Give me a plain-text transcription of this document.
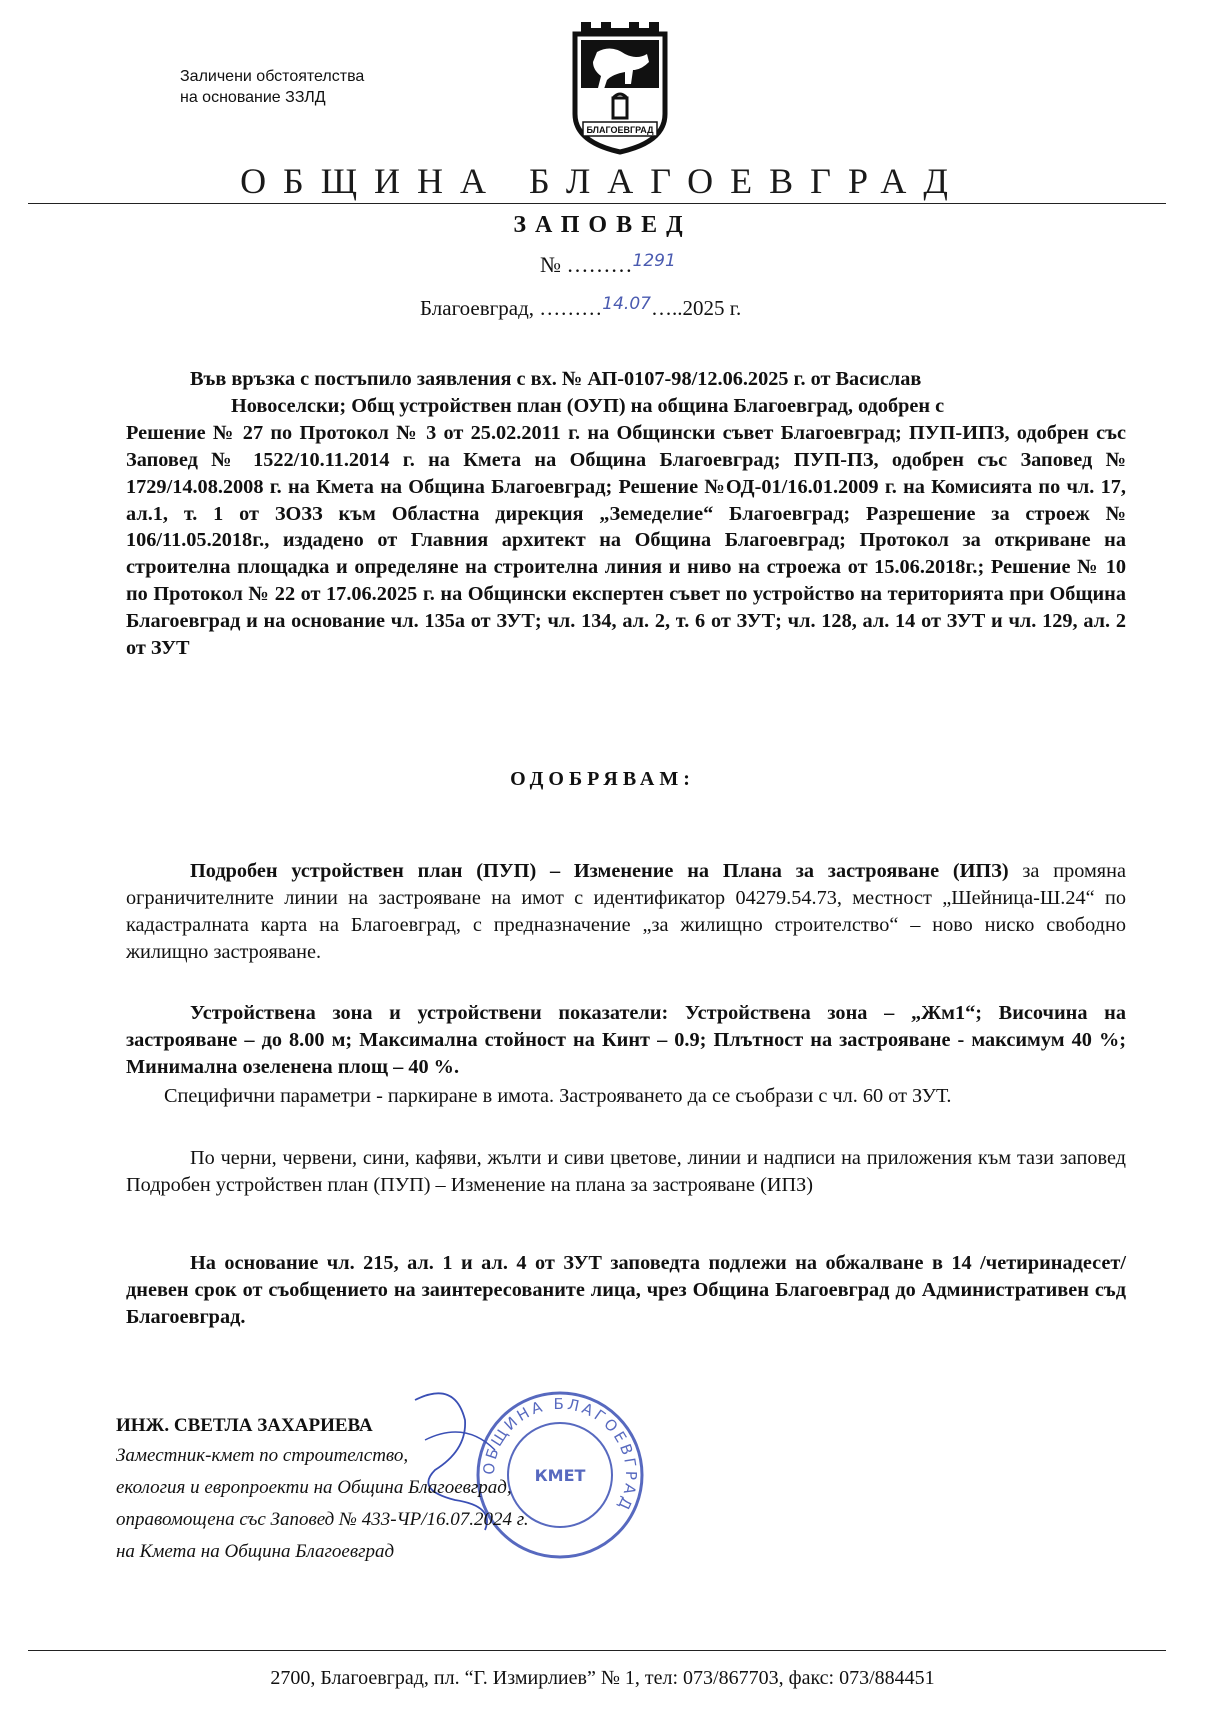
Заличени обстоятелства
на основание ЗЗЛД
БЛАГОЕВГРАД
ОБЩИНА БЛАГОЕВГРАД
ЗАПОВЕД
№ ………$^{1291}$
Благоевград, ………$^{14.07}$…..2025 г.
Във връзка с постъпило заявления с вх. № АП-0107-98/12.06.2025 г. от Васислав
Новоселски; Общ устройствен план (ОУП) на община Благоевград, одобрен с
Решение № 27 по Протокол № 3 от 25.02.2011 г. на Общински съвет Благоевград; ПУП-ИПЗ, одобрен със Заповед № 1522/10.11.2014 г. на Кмета на Община Благоевград; ПУП-ПЗ, одобрен със Заповед № 1729/14.08.2008 г. на Кмета на Община Благоевград; Решение №ОД-01/16.01.2009 г. на Комисията по чл. 17, ал.1, т. 1 от ЗОЗЗ към Областна дирекция „Земеделие“ Благоевград; Разрешение за строеж № 106/11.05.2018г., издадено от Главния архитект на Община Благоевград; Протокол за откриване на строителна площадка и определяне на строителна линия и ниво на строежа от 15.06.2018г.; Решение № 10 по Протокол № 22 от 17.06.2025 г. на Общински експертен съвет по устройство на територията при Община Благоевград и на основание чл. 135а от ЗУТ; чл. 134, ал. 2, т. 6 от ЗУТ; чл. 128, ал. 14 от ЗУТ и чл. 129, ал. 2 от ЗУТ
ОДОБРЯВАМ:
Подробен устройствен план (ПУП) – Изменение на Плана за застрояване (ИПЗ) за промяна ограничителните линии на застрояване на имот с идентификатор 04279.54.73, местност „Шейница-Ш.24“ по кадастралната карта на Благоевград, с предназначение „за жилищно строителство“ – ново ниско свободно жилищно застрояване.
Устройствена зона и устройствени показатели: Устройствена зона – „Жм1“; Височина на застрояване – до 8.00 м; Максимална стойност на Кинт – 0.9; Плътност на застрояване - максимум 40 %; Минимална озеленена площ – 40 %.
Специфични параметри - паркиране в имота. Застрояването да се съобрази с чл. 60 от ЗУТ.
По черни, червени, сини, кафяви, жълти и сиви цветове, линии и надписи на приложения към тази заповед Подробен устройствен план (ПУП) – Изменение на плана за застрояване (ИПЗ)
На основание чл. 215, ал. 1 и ал. 4 от ЗУТ заповедта подлежи на обжалване в 14 /четиринадесет/ дневен срок от съобщението на заинтересованите лица, чрез Община Благоевград до Административен съд Благоевград.
ОБЩИНА БЛАГОЕВГРАД
КМЕТ
ИНЖ. СВЕТЛА ЗАХАРИЕВА
Заместник-кмет по строителство,
екология и европроекти на Община Благоевград,
оправомощена със Заповед № 433-ЧР/16.07.2024 г.
на Кмета на Община Благоевград
2700, Благоевград, пл. “Г. Измирлиев” № 1, тел: 073/867703, факс: 073/884451
